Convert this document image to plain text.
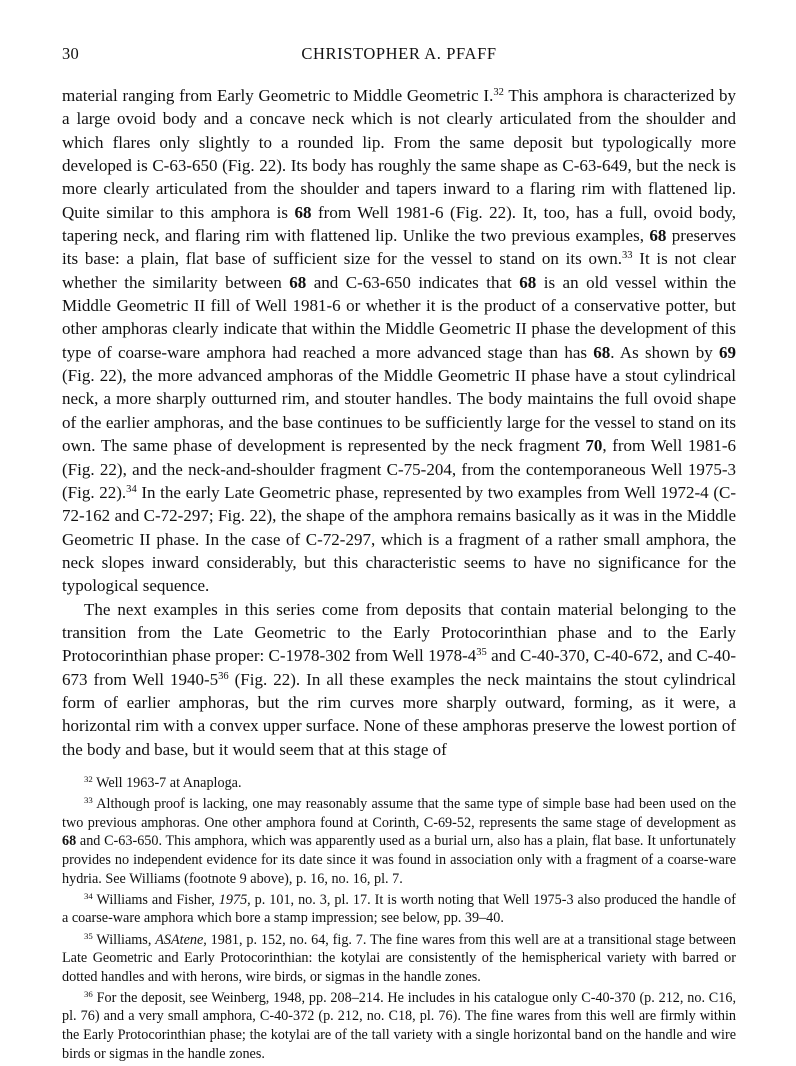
30	CHRISTOPHER A. PFAFF

material ranging from Early Geometric to Middle Geometric I.$^{32}$ This amphora is characterized by a large ovoid body and a concave neck which is not clearly articulated from the shoulder and which flares only slightly to a rounded lip. From the same deposit but typologically more developed is C-63-650 (Fig. 22). Its body has roughly the same shape as C-63-649, but the neck is more clearly articulated from the shoulder and tapers inward to a flaring rim with flattened lip. Quite similar to this amphora is 68 from Well 1981-6 (Fig. 22). It, too, has a full, ovoid body, tapering neck, and flaring rim with flattened lip. Unlike the two previous examples, 68 preserves its base: a plain, flat base of sufficient size for the vessel to stand on its own.$^{33}$ It is not clear whether the similarity between 68 and C-63-650 indicates that 68 is an old vessel within the Middle Geometric II fill of Well 1981-6 or whether it is the product of a conservative potter, but other amphoras clearly indicate that within the Middle Geometric II phase the development of this type of coarse-ware amphora had reached a more advanced stage than has 68. As shown by 69 (Fig. 22), the more advanced amphoras of the Middle Geometric II phase have a stout cylindrical neck, a more sharply outturned rim, and stouter handles. The body maintains the full ovoid shape of the earlier amphoras, and the base continues to be sufficiently large for the vessel to stand on its own. The same phase of development is represented by the neck fragment 70, from Well 1981-6 (Fig. 22), and the neck-and-shoulder fragment C-75-204, from the contemporaneous Well 1975-3 (Fig. 22).$^{34}$ In the early Late Geometric phase, represented by two examples from Well 1972-4 (C-72-162 and C-72-297; Fig. 22), the shape of the amphora remains basically as it was in the Middle Geometric II phase. In the case of C-72-297, which is a fragment of a rather small amphora, the neck slopes inward considerably, but this characteristic seems to have no significance for the typological sequence.

The next examples in this series come from deposits that contain material belonging to the transition from the Late Geometric to the Early Protocorinthian phase and to the Early Protocorinthian phase proper: C-1978-302 from Well $1978-4^{35}$ and C-40-370, C-40-672, and C-40-673 from Well $1940-5^{36}$ (Fig. 22). In all these examples the neck maintains the stout cylindrical form of earlier amphoras, but the rim curves more sharply outward, forming, as it were, a horizontal rim with a convex upper surface. None of these amphoras preserve the lowest portion of the body and base, but it would seem that at this stage of

$^{32}$ Well 1963-7 at Anaploga.

$^{33}$ Although proof is lacking, one may reasonably assume that the same type of simple base had been used on the two previous amphoras. One other amphora found at Corinth, C-69-52, represents the same stage of development as 68 and C-63-650. This amphora, which was apparently used as a burial urn, also has a plain, flat base. It unfortunately provides no independent evidence for its date since it was found in association only with a fragment of a coarse-ware hydria. See Williams (footnote 9 above), p. 16, no. 16, pl. 7.

$^{34}$ Williams and Fisher, 1975, p. 101, no. 3, pl. 17. It is worth noting that Well 1975-3 also produced the handle of a coarse-ware amphora which bore a stamp impression; see below, pp. 39–40.

$^{35}$ Williams, ASAtene, 1981, p. 152, no. 64, fig. 7. The fine wares from this well are at a transitional stage between Late Geometric and Early Protocorinthian: the kotylai are consistently of the hemispherical variety with barred or dotted handles and with herons, wire birds, or sigmas in the handle zones.

$^{36}$ For the deposit, see Weinberg, 1948, pp. 208–214. He includes in his catalogue only C-40-370 (p. 212, no. C16, pl. 76) and a very small amphora, C-40-372 (p. 212, no. C18, pl. 76). The fine wares from this well are firmly within the Early Protocorinthian phase; the kotylai are of the tall variety with a single horizontal band on the handle and wire birds or sigmas in the handle zones.
